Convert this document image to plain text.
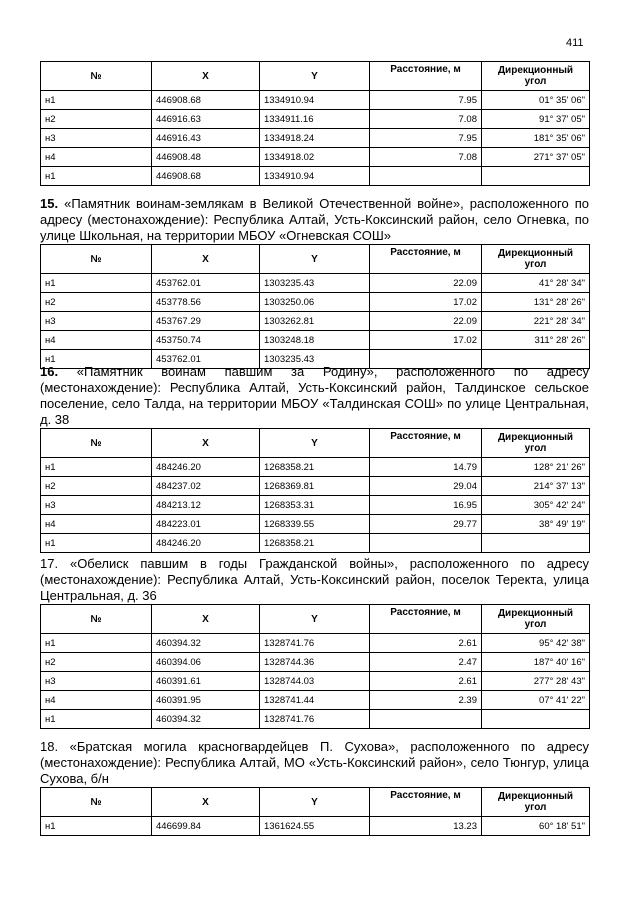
411
№	X	Y	Расстояние, м	Дирекционный
угол
н1	446908.68	1334910.94	7.95	01° 35' 06"
н2	446916.63	1334911.16	7.08	91° 37' 05"
н3	446916.43	1334918.24	7.95	181° 35' 06"
н4	446908.48	1334918.02	7.08	271° 37' 05"
н1	446908.68	1334910.94		

15. «Памятник воинам-землякам в Великой Отечественной войне», расположенного по адресу (местонахождение): Республика Алтай, Усть-Коксинский район, село Огневка, по улице Школьная, на территории МБОУ «Огневская СОШ»

№	X	Y	Расстояние, м	Дирекционный
угол
н1	453762.01	1303235.43	22.09	41° 28' 34"
н2	453778.56	1303250.06	17.02	131° 28' 26"
н3	453767.29	1303262.81	22.09	221° 28' 34"
н4	453750.74	1303248.18	17.02	311° 28' 26"
н1	453762.01	1303235.43		

16. «Памятник воинам павшим за Родину», расположенного по адресу (местонахождение): Республика Алтай, Усть-Коксинский район, Талдинское сельское поселение, село Талда, на территории МБОУ «Талдинская СОШ» по улице Центральная, д. 38

№	X	Y	Расстояние, м	Дирекционный
угол
н1	484246.20	1268358.21	14.79	128° 21' 26"
н2	484237.02	1268369.81	29.04	214° 37' 13"
н3	484213.12	1268353.31	16.95	305° 42' 24"
н4	484223.01	1268339.55	29.77	38° 49' 19"
н1	484246.20	1268358.21		

17. «Обелиск павшим в годы Гражданской войны», расположенного по адресу (местонахождение): Республика Алтай, Усть-Коксинский район, поселок Теректа, улица Центральная, д. 36

№	X	Y	Расстояние, м	Дирекционный
угол
н1	460394.32	1328741.76	2.61	95° 42' 38"
н2	460394.06	1328744.36	2.47	187° 40' 16"
н3	460391.61	1328744.03	2.61	277° 28' 43"
н4	460391.95	1328741.44	2.39	07° 41' 22"
н1	460394.32	1328741.76		

18. «Братская могила красногвардейцев П. Сухова», расположенного по адресу (местонахождение): Республика Алтай, МО «Усть-Коксинский район», село Тюнгур, улица Сухова, б/н

№	X	Y	Расстояние, м	Дирекционный
угол
н1	446699.84	1361624.55	13.23	60° 18' 51"
